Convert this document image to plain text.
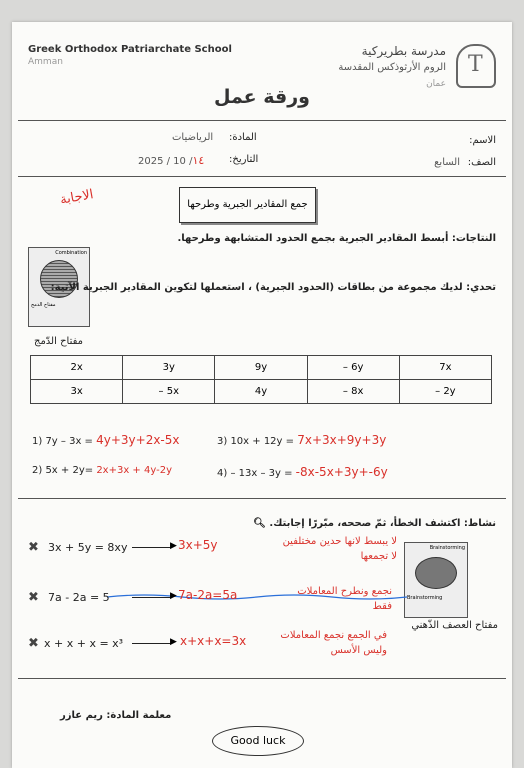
Greek Orthodox Patriarchate School
Amman
مدرسة بطريركية
الروم الأرثوذكس المقدسة
عمان
T
ورقة عمل
الاسم:
المادة:
الرياضيات
الصف:
السابع
التاريخ:
2025 / 10 /١٤
جمع المقادير الجبرية وطرحها
الاجابة
النتاجات: أبسط المقادير الجبرية بجمع الحدود المتشابهة وطرحها.
Combination
مفتاح الدمج
تحدي: لديك مجموعة من بطاقات (الحدود الجبرية) ، استعملها لتكوين المقادير الجبرية الآتية:
مفتاح الدّمج
2x	3y	9y	– 6y	7x
3x	– 5x	4y	– 8x	– 2y
1) 7y – 3x = 4y+3y+2x-5x	3) 10x + 12y = 7x+3x+9y+3y
2) 5x + 2y= 2x+3x + 4y-2y	4) – 13x – 3y = -8x-5x+3y+-6y
نشاط: اكتشف الخطأ، ثمّ صححه، مبّررًا إجابتك. 🔍︎
Brainstorming
Brainstorming
مفتاح العصف الذّهني
✖ 3x + 5y = 8xy	▶ 3x+5y	لا يبسط لانها حدين مختلفين لا تجمعها
✖ 7a - 2a = 5	▶ 7a-2a=5a	نجمع ونطرح المعاملات فقط
✖ x + x + x = x³	▶ x+x+x=3x	في الجمع نجمع المعاملات وليس الأسس
معلمة المادة: ريم عازر
Good luck
